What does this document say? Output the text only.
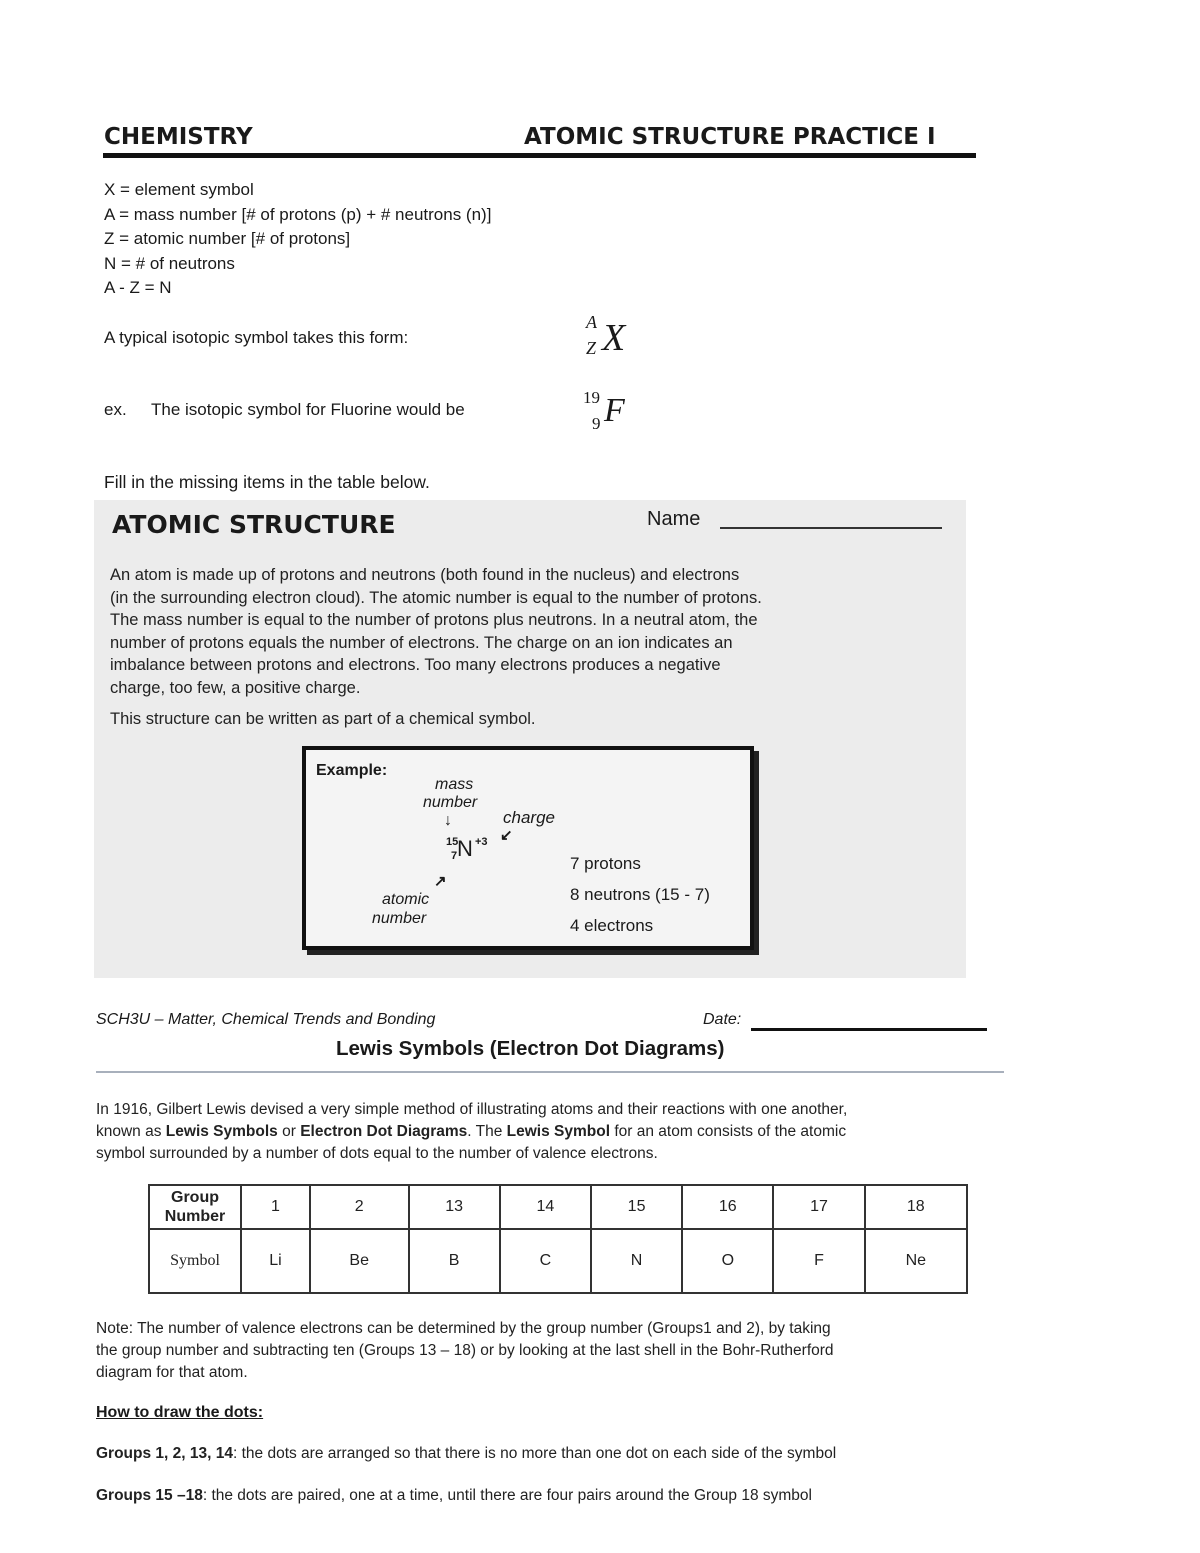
CHEMISTRY	ATOMIC STRUCTURE PRACTICE I
X = element symbol
A = mass number [# of protons (p) + # neutrons (n)]
Z = atomic number [# of protons]
N = # of neutrons
A - Z = N
A typical isotopic symbol takes this form:
A
Z X
ex. The isotopic symbol for Fluorine would be
19
9 F
Fill in the missing items in the table below.
ATOMIC STRUCTURE	Name
An atom is made up of protons and neutrons (both found in the nucleus) and electrons
(in the surrounding electron cloud). The atomic number is equal to the number of protons.
The mass number is equal to the number of protons plus neutrons. In a neutral atom, the
number of protons equals the number of electrons. The charge on an ion indicates an
imbalance between protons and electrons. Too many electrons produces a negative
charge, too few, a positive charge.
This structure can be written as part of a chemical symbol.
Example:
mass
number
↓	charge
↙
15
7 N +3
↗
atomic
number
7 protons
8 neutrons (15 - 7)
4 electrons
SCH3U – Matter, Chemical Trends and Bonding	Date:
Lewis Symbols (Electron Dot Diagrams)
In 1916, Gilbert Lewis devised a very simple method of illustrating atoms and their reactions with one another,
known as Lewis Symbols or Electron Dot Diagrams. The Lewis Symbol for an atom consists of the atomic
symbol surrounded by a number of dots equal to the number of valence electrons.
Group
Number	1	2	13	14	15	16	17	18
Symbol	Li	Be	B	C	N	O	F	Ne
Note: The number of valence electrons can be determined by the group number (Groups1 and 2), by taking
the group number and subtracting ten (Groups 13 – 18) or by looking at the last shell in the Bohr-Rutherford
diagram for that atom.
How to draw the dots:
Groups 1, 2, 13, 14: the dots are arranged so that there is no more than one dot on each side of the symbol
Groups 15 –18: the dots are paired, one at a time, until there are four pairs around the Group 18 symbol
